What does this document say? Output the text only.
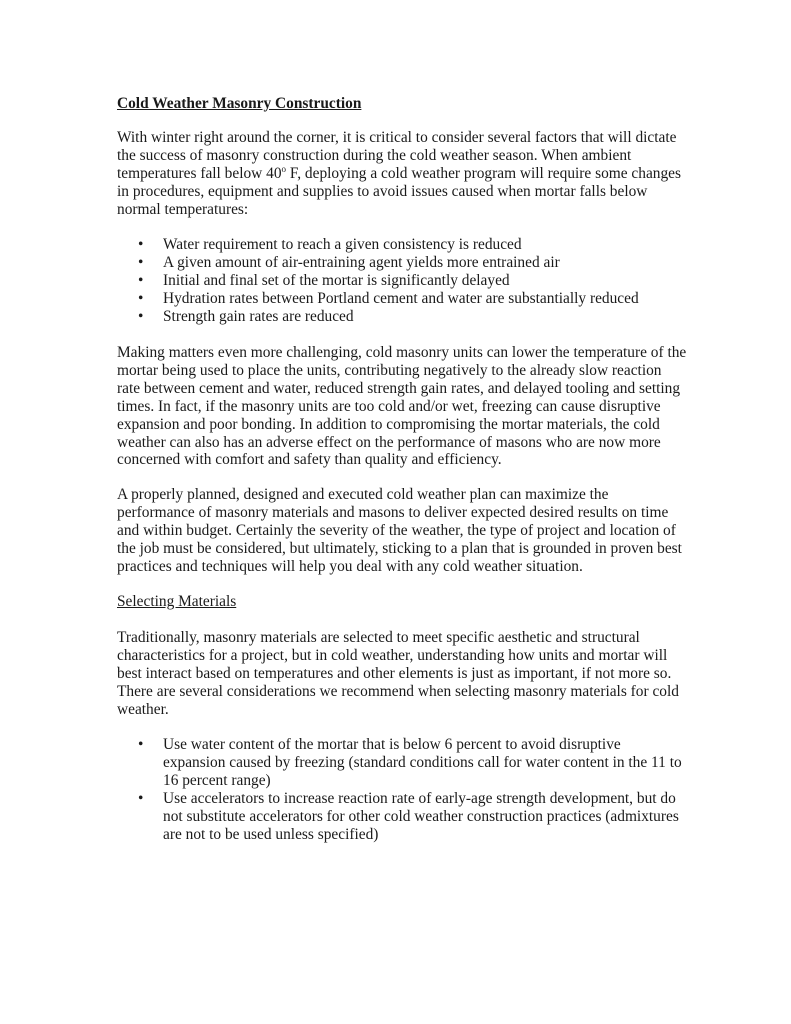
Cold Weather Masonry Construction

With winter right around the corner, it is critical to consider several factors that will dictate the success of masonry construction during the cold weather season. When ambient temperatures fall below 40$^o$ F, deploying a cold weather program will require some changes in procedures, equipment and supplies to avoid issues caused when mortar falls below normal temperatures:

• Water requirement to reach a given consistency is reduced
• A given amount of air-entraining agent yields more entrained air
• Initial and final set of the mortar is significantly delayed
• Hydration rates between Portland cement and water are substantially reduced
• Strength gain rates are reduced

Making matters even more challenging, cold masonry units can lower the temperature of the mortar being used to place the units, contributing negatively to the already slow reaction rate between cement and water, reduced strength gain rates, and delayed tooling and setting times. In fact, if the masonry units are too cold and/or wet, freezing can cause disruptive expansion and poor bonding. In addition to compromising the mortar materials, the cold weather can also has an adverse effect on the performance of masons who are now more concerned with comfort and safety than quality and efficiency.

A properly planned, designed and executed cold weather plan can maximize the performance of masonry materials and masons to deliver expected desired results on time and within budget. Certainly the severity of the weather, the type of project and location of the job must be considered, but ultimately, sticking to a plan that is grounded in proven best practices and techniques will help you deal with any cold weather situation.

Selecting Materials

Traditionally, masonry materials are selected to meet specific aesthetic and structural characteristics for a project, but in cold weather, understanding how units and mortar will best interact based on temperatures and other elements is just as important, if not more so. There are several considerations we recommend when selecting masonry materials for cold weather.

• Use water content of the mortar that is below 6 percent to avoid disruptive expansion caused by freezing (standard conditions call for water content in the 11 to 16 percent range)
• Use accelerators to increase reaction rate of early-age strength development, but do not substitute accelerators for other cold weather construction practices (admixtures are not to be used unless specified)
